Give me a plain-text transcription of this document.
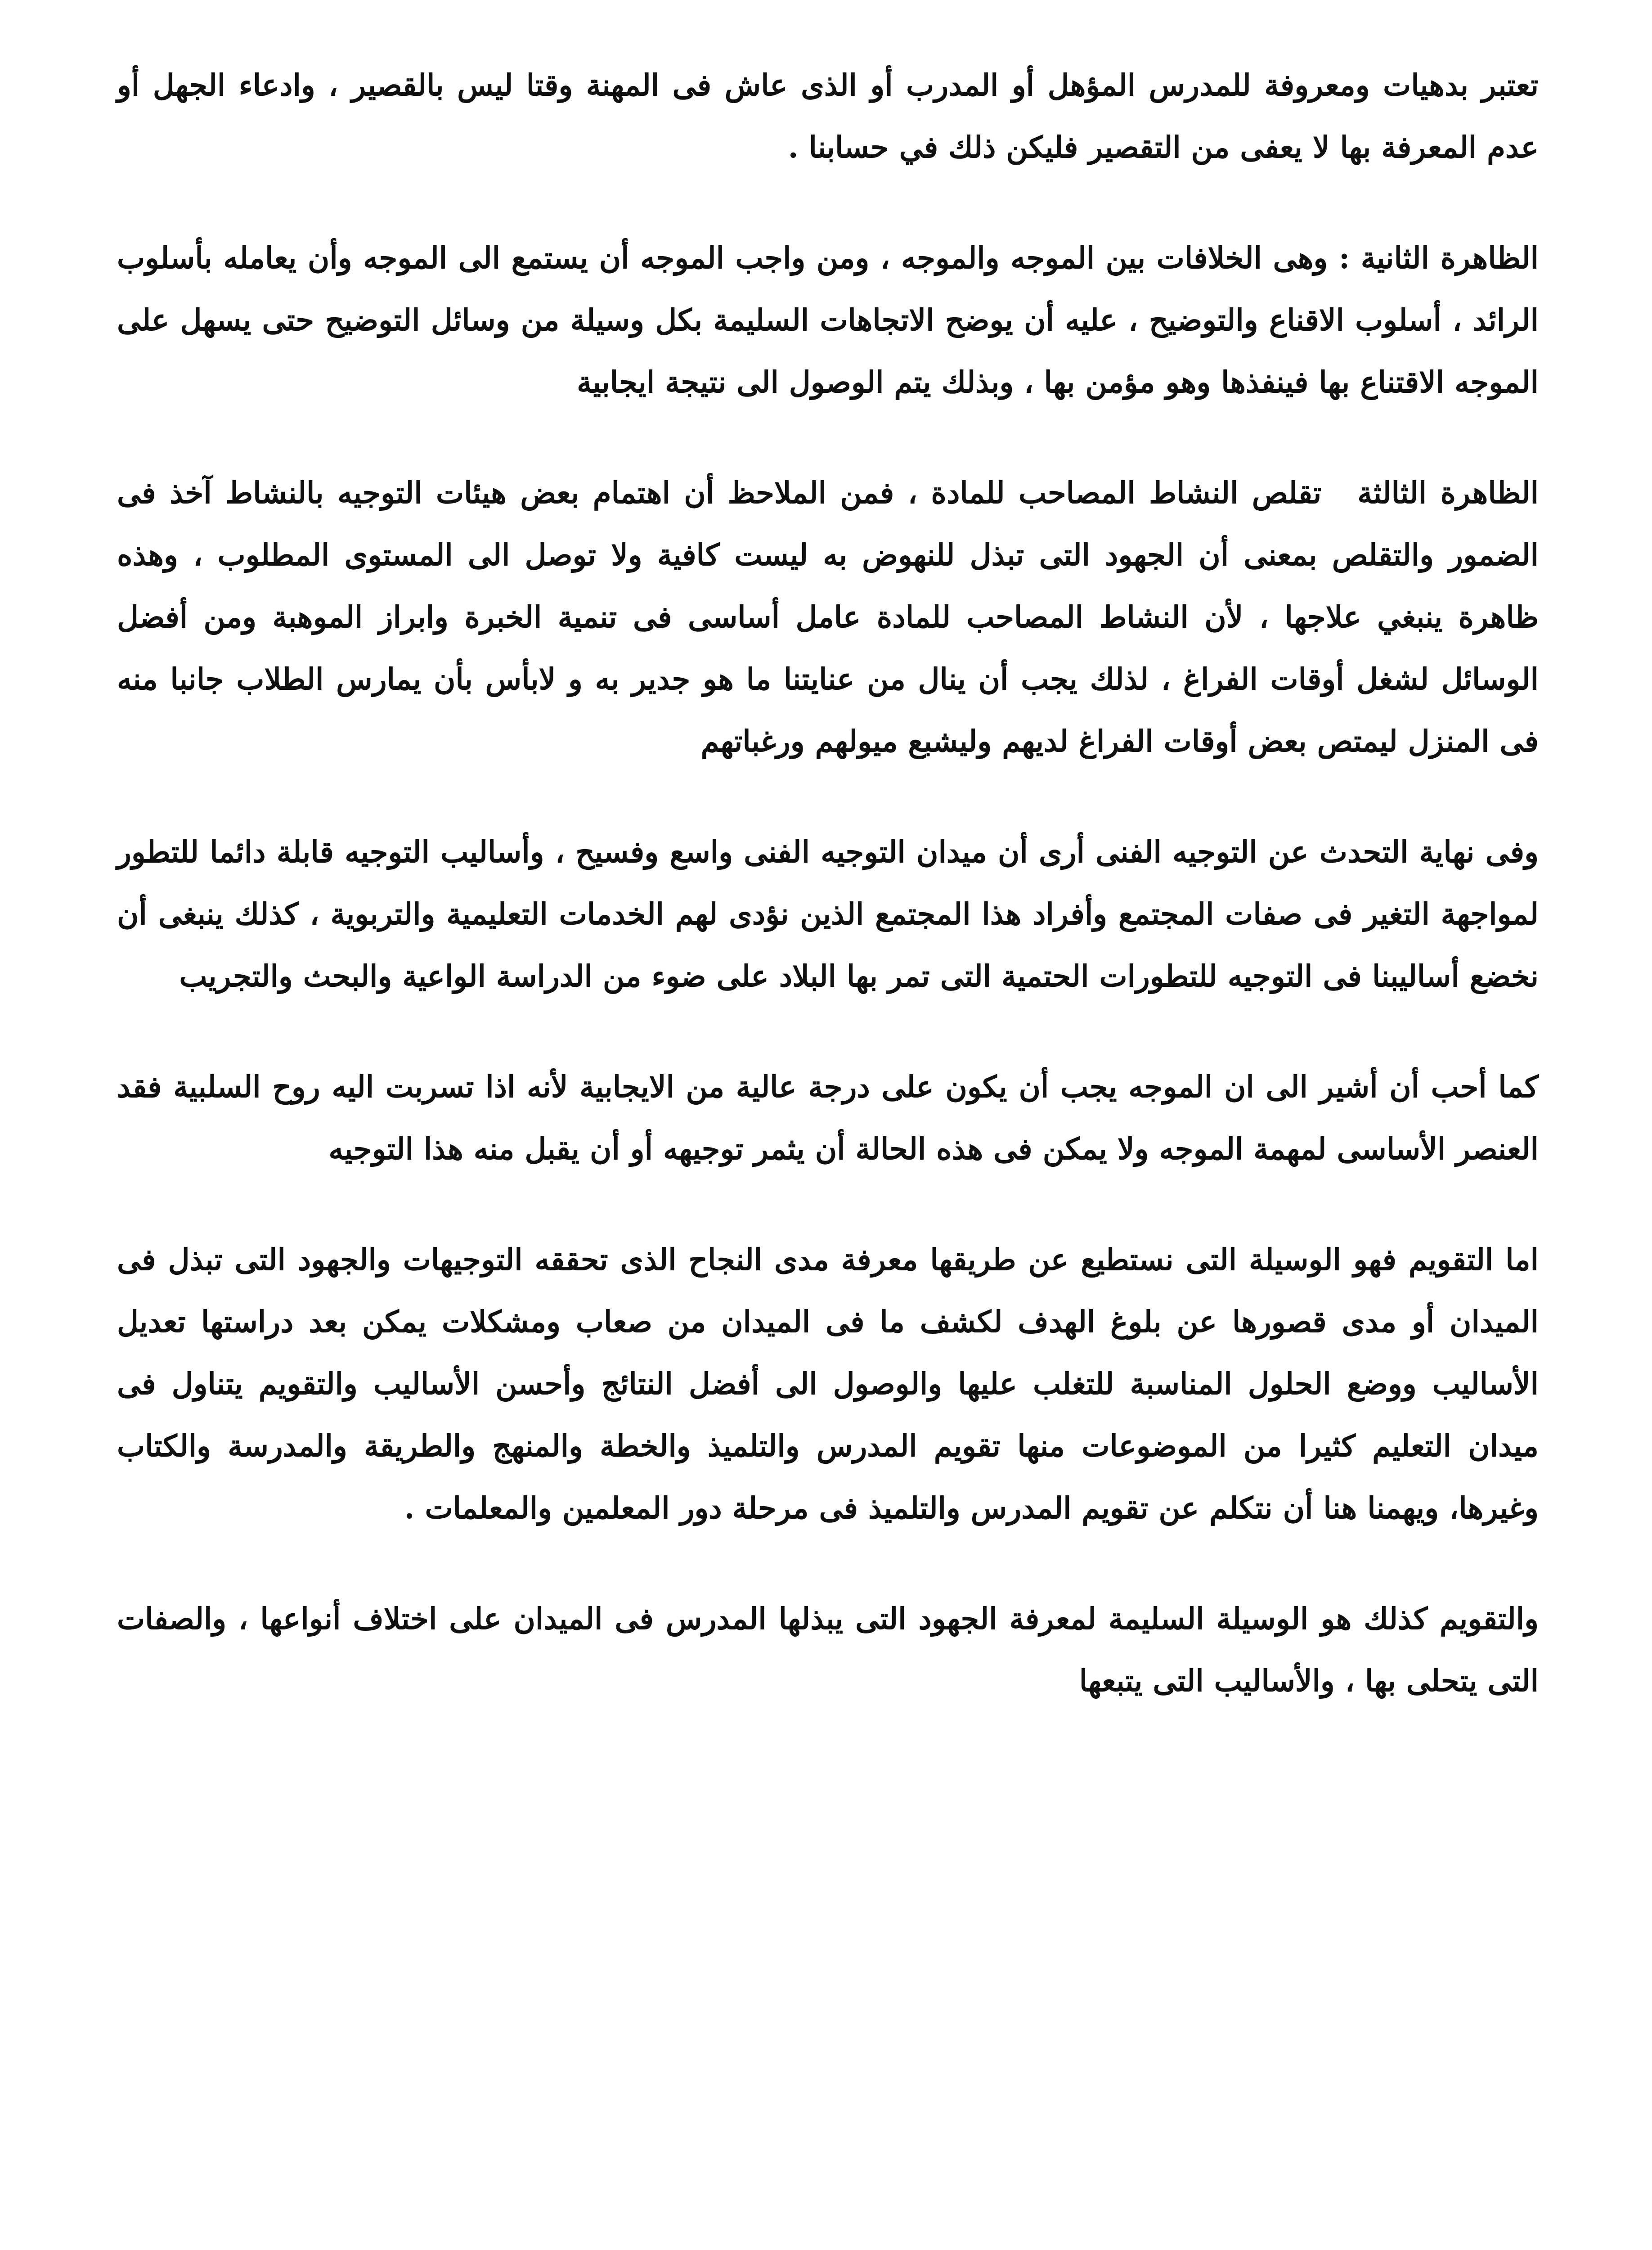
تعتبر بدهيات ومعروفة للمدرس المؤهل أو المدرب أو الذى عاش فى المهنة وقتا ليس بالقصير ، وادعاء الجهل أو عدم المعرفة بها لا يعفى من التقصير فليكن ذلك في حسابنا .

الظاهرة الثانية : وهى الخلافات بين الموجه والموجه ، ومن واجب الموجه أن يستمع الى الموجه وأن يعامله بأسلوب الرائد ، أسلوب الاقناع والتوضيح ، عليه أن يوضح الاتجاهات السليمة بكل وسيلة من وسائل التوضيح حتى يسهل على الموجه الاقتناع بها فينفذها وهو مؤمن بها ، وبذلك يتم الوصول الى نتيجة ايجابية

الظاهرة الثالثةتقلص النشاط المصاحب للمادة ، فمن الملاحظ أن اهتمام بعض هيئات التوجيه بالنشاط آخذ فى الضمور والتقلص بمعنى أن الجهود التى تبذل للنهوض به ليست كافية ولا توصل الى المستوى المطلوب ، وهذه ظاهرة ينبغي علاجها ، لأن النشاط المصاحب للمادة عامل أساسى فى تنمية الخبرة وابراز الموهبة ومن أفضل الوسائل لشغل أوقات الفراغ ، لذلك يجب أن ينال من عنايتنا ما هو جدير به و لابأس بأن يمارس الطلاب جانبا منه فى المنزل ليمتص بعض أوقات الفراغ لديهم وليشبع ميولهم ورغباتهم

وفى نهاية التحدث عن التوجيه الفنى أرى أن ميدان التوجيه الفنى واسع وفسيح ، وأساليب التوجيه قابلة دائما للتطور لمواجهة التغير فى صفات المجتمع وأفراد هذا المجتمع الذين نؤدى لهم الخدمات التعليمية والتربوية ، كذلك ينبغى أن نخضع أساليبنا فى التوجيه للتطورات الحتمية التى تمر بها البلاد على ضوء من الدراسة الواعية والبحث والتجريب

كما أحب أن أشير الى ان الموجه يجب أن يكون على درجة عالية من الايجابية لأنه اذا تسربت اليه روح السلبية فقد العنصر الأساسى لمهمة الموجه ولا يمكن فى هذه الحالة أن يثمر توجيهه أو أن يقبل منه هذا التوجيه

اما التقويم فهو الوسيلة التى نستطيع عن طريقها معرفة مدى النجاح الذى تحققه التوجيهات والجهود التى تبذل فى الميدان أو مدى قصورها عن بلوغ الهدف لكشف ما فى الميدان من صعاب ومشكلات يمكن بعد دراستها تعديل الأساليب ووضع الحلول المناسبة للتغلب عليها والوصول الى أفضل النتائج وأحسن الأساليب والتقويم يتناول فى ميدان التعليم كثيرا من الموضوعات منها تقويم المدرس والتلميذ والخطة والمنهج والطريقة والمدرسة والكتاب وغيرها، ويهمنا هنا أن نتكلم عن تقويم المدرس والتلميذ فى مرحلة دور المعلمين والمعلمات .

والتقويم كذلك هو الوسيلة السليمة لمعرفة الجهود التى يبذلها المدرس فى الميدان على اختلاف أنواعها ، والصفات التى يتحلى بها ، والأساليب التى يتبعها
